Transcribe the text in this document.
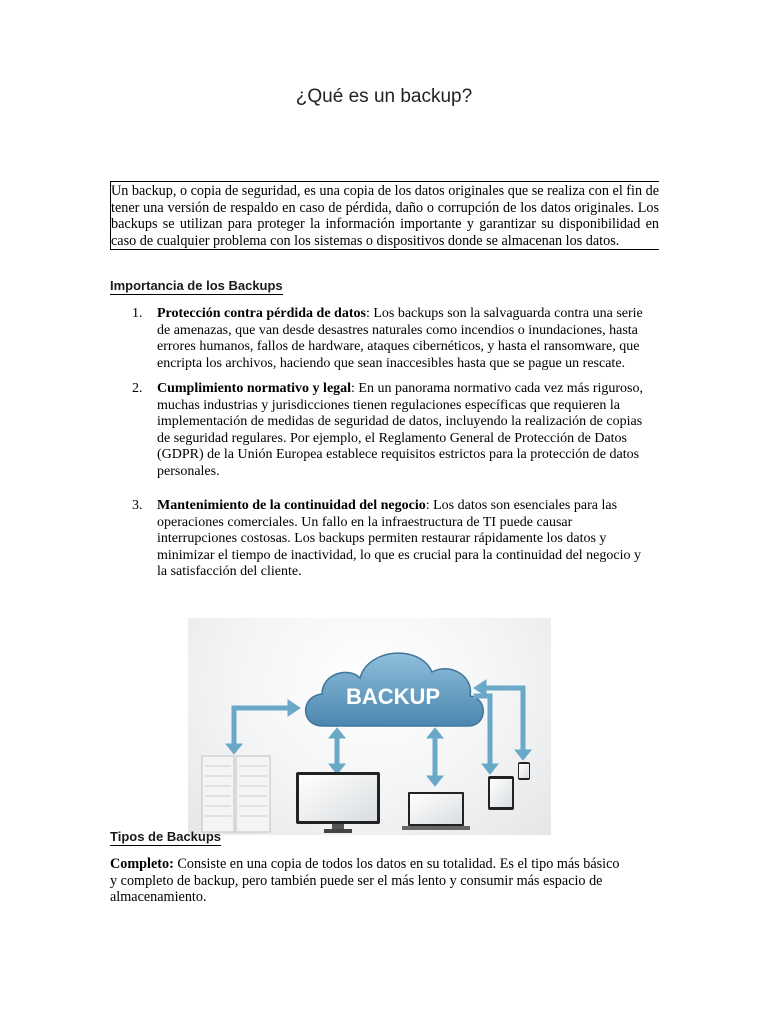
¿Qué es un backup?
Un backup, o copia de seguridad, es una copia de los datos originales que se realiza con el fin de tener una versión de respaldo en caso de pérdida, daño o corrupción de los datos originales. Los backups se utilizan para proteger la información importante y garantizar su disponibilidad en caso de cualquier problema con los sistemas o dispositivos donde se almacenan los datos.
Importancia de los Backups
1. Protección contra pérdida de datos: Los backups son la salvaguarda contra una serie de amenazas, que van desde desastres naturales como incendios o inundaciones, hasta errores humanos, fallos de hardware, ataques cibernéticos, y hasta el ransomware, que encripta los archivos, haciendo que sean inaccesibles hasta que se pague un rescate.
2. Cumplimiento normativo y legal: En un panorama normativo cada vez más riguroso, muchas industrias y jurisdicciones tienen regulaciones específicas que requieren la implementación de medidas de seguridad de datos, incluyendo la realización de copias de seguridad regulares. Por ejemplo, el Reglamento General de Protección de Datos (GDPR) de la Unión Europea establece requisitos estrictos para la protección de datos personales.
3. Mantenimiento de la continuidad del negocio: Los datos son esenciales para las operaciones comerciales. Un fallo en la infraestructura de TI puede causar interrupciones costosas. Los backups permiten restaurar rápidamente los datos y minimizar el tiempo de inactividad, lo que es crucial para la continuidad del negocio y la satisfacción del cliente.
BACKUP
Tipos de Backups
Completo: Consiste en una copia de todos los datos en su totalidad. Es el tipo más básico y completo de backup, pero también puede ser el más lento y consumir más espacio de almacenamiento.
